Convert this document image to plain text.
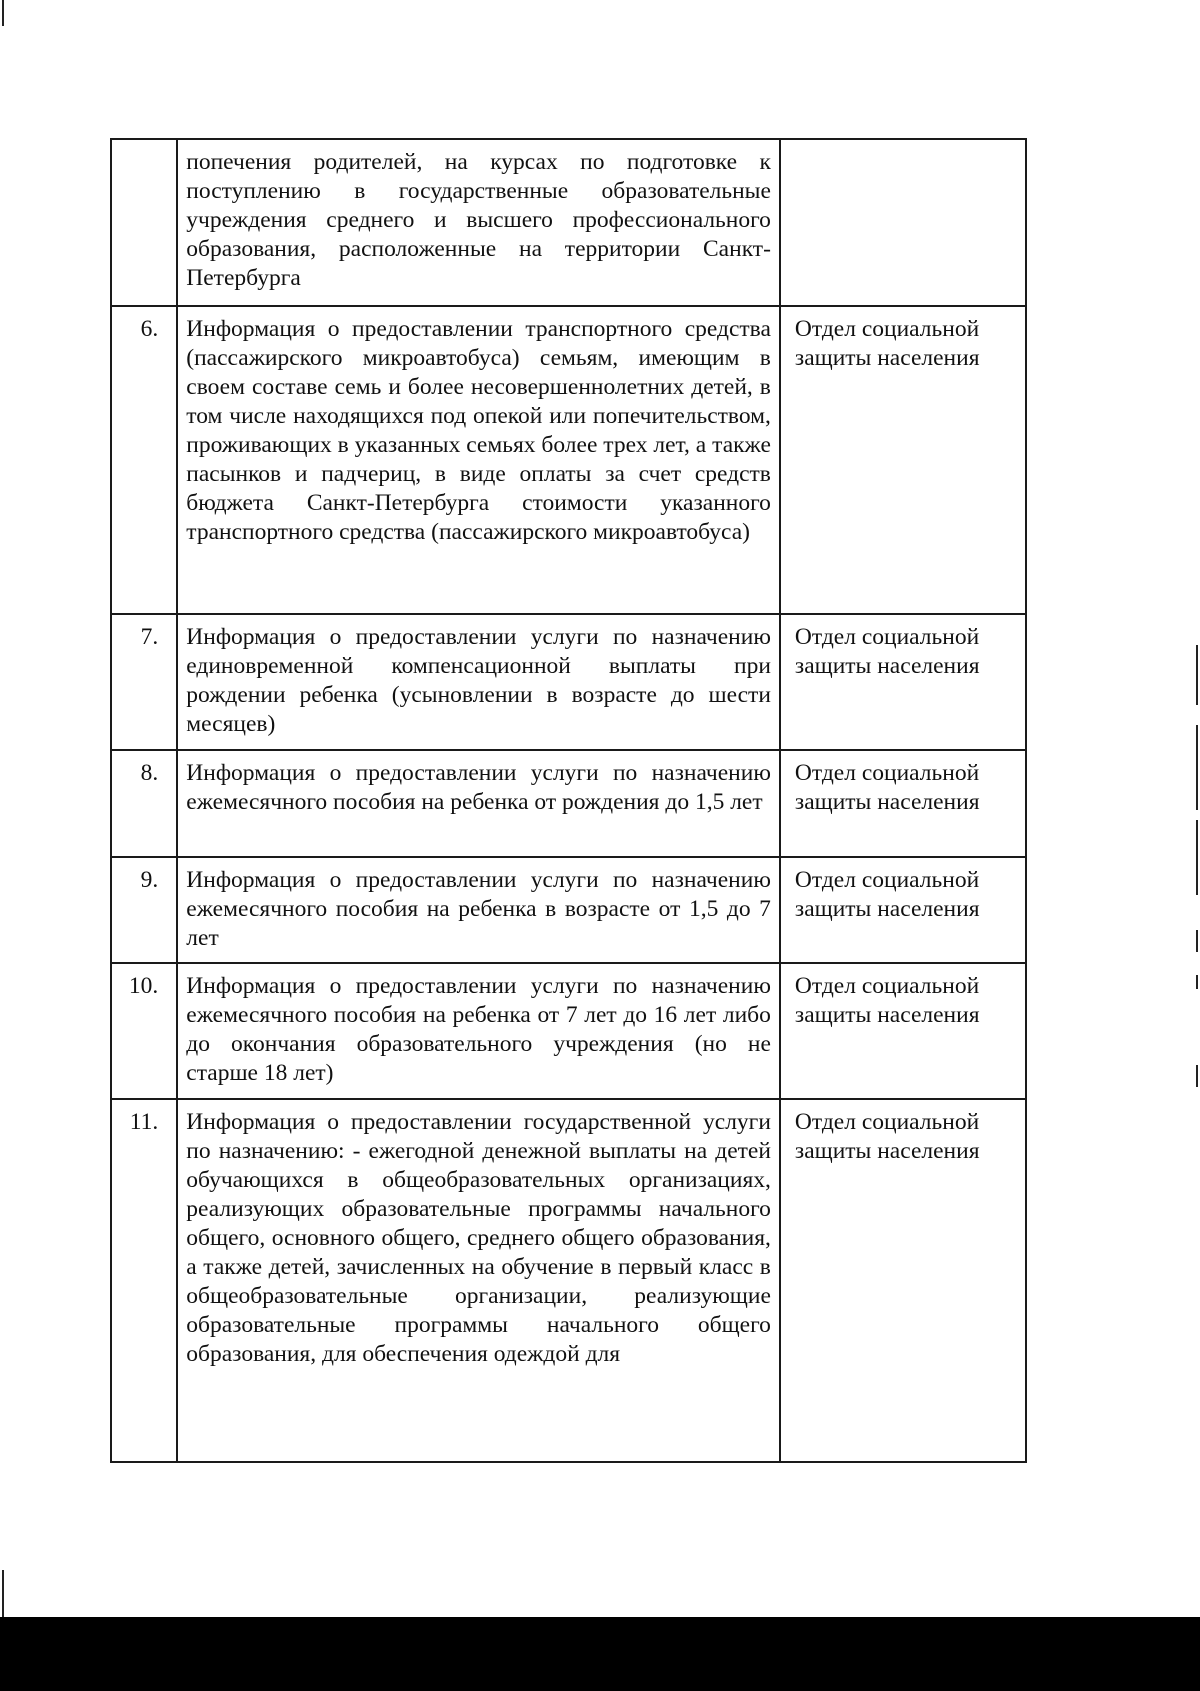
	попечения родителей, на курсах по подготовке к поступлению в государственные образовательные учреждения среднего и высшего профессионального образования, расположенные на территории Санкт-Петербурга	
6.	Информация о предоставлении транспортного средства (пассажирского микроавтобуса) семьям, имеющим в своем составе семь и более несовершеннолетних детей, в том числе находящихся под опекой или попечительством, проживающих в указанных семьях более трех лет, а также пасынков и падчериц, в виде оплаты за счет средств бюджета Санкт-Петербурга стоимости указанного транспортного средства (пассажирского микроавтобуса)	Отдел социальной защиты населения
7.	Информация о предоставлении услуги по назначению единовременной компенсационной выплаты при рождении ребенка (усыновлении в возрасте до шести месяцев)	Отдел социальной защиты населения
8.	Информация о предоставлении услуги по назначению ежемесячного пособия на ребенка от рождения до 1,5 лет	Отдел социальной защиты населения
9.	Информация о предоставлении услуги по назначению ежемесячного пособия на ребенка в возрасте от 1,5 до 7 лет	Отдел социальной защиты населения
10.	Информация о предоставлении услуги по назначению ежемесячного пособия на ребенка от 7 лет до 16 лет либо до окончания образовательного учреждения (но не старше 18 лет)	Отдел социальной защиты населения
11.	Информация о предоставлении государственной услуги по назначению: - ежегодной денежной выплаты на детей обучающихся в общеобразовательных организациях, реализующих образовательные программы начального общего, основного общего, среднего общего образования, а также детей, зачисленных на обучение в первый класс в общеобразовательные организации, реализующие образовательные программы начального общего образования, для обеспечения одеждой для	Отдел социальной защиты населения
